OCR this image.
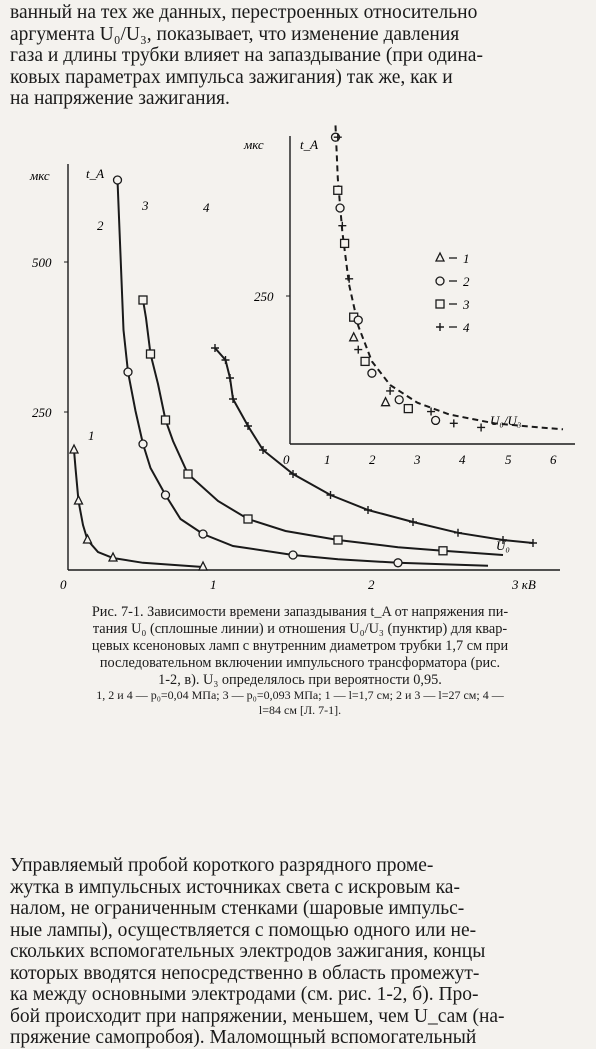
ванный на тех же данных, перестроенных относительно
аргумента U₀/U₃, показывает, что изменение давления
газа и длины трубки влияет на запаздывание (при одина-
ковых параметрах импульса зажигания) так же, как и
на напряжение зажигания.

500
250
мкс	t_A
0	1	2	3 кВ
U₀
1
2
3	4
250
мкс	t_A
0	1	2	3	4	5	6
U₀/U₃
1
2
3
4

Рис. 7-1. Зависимости времени запаздывания t_A от напряжения пи-
тания U₀ (сплошные линии) и отношения U₀/U₃ (пунктир) для квар-
цевых ксеноновых ламп с внутренним диаметром трубки 1,7 см при
последовательном включении импульсного трансформатора (рис.
1-2, в). U₃ определялось при вероятности 0,95.

1, 2 и 4 — p₀=0,04 МПа; 3 — p₀=0,093 МПа; 1 — l=1,7 см; 2 и 3 — l=27 см; 4 —
l=84 см [Л. 7-1].

Управляемый пробой короткого разрядного проме-
жутка в импульсных источниках света с искровым ка-
налом, не ограниченным стенками (шаровые импульс-
ные лампы), осуществляется с помощью одного или не-
скольких вспомогательных электродов зажигания, концы
которых вводятся непосредственно в область промежут-
ка между основными электродами (см. рис. 1-2, б). Про-
бой происходит при напряжении, меньшем, чем U_сам (на-
пряжение самопробоя). Маломощный вспомогательный
